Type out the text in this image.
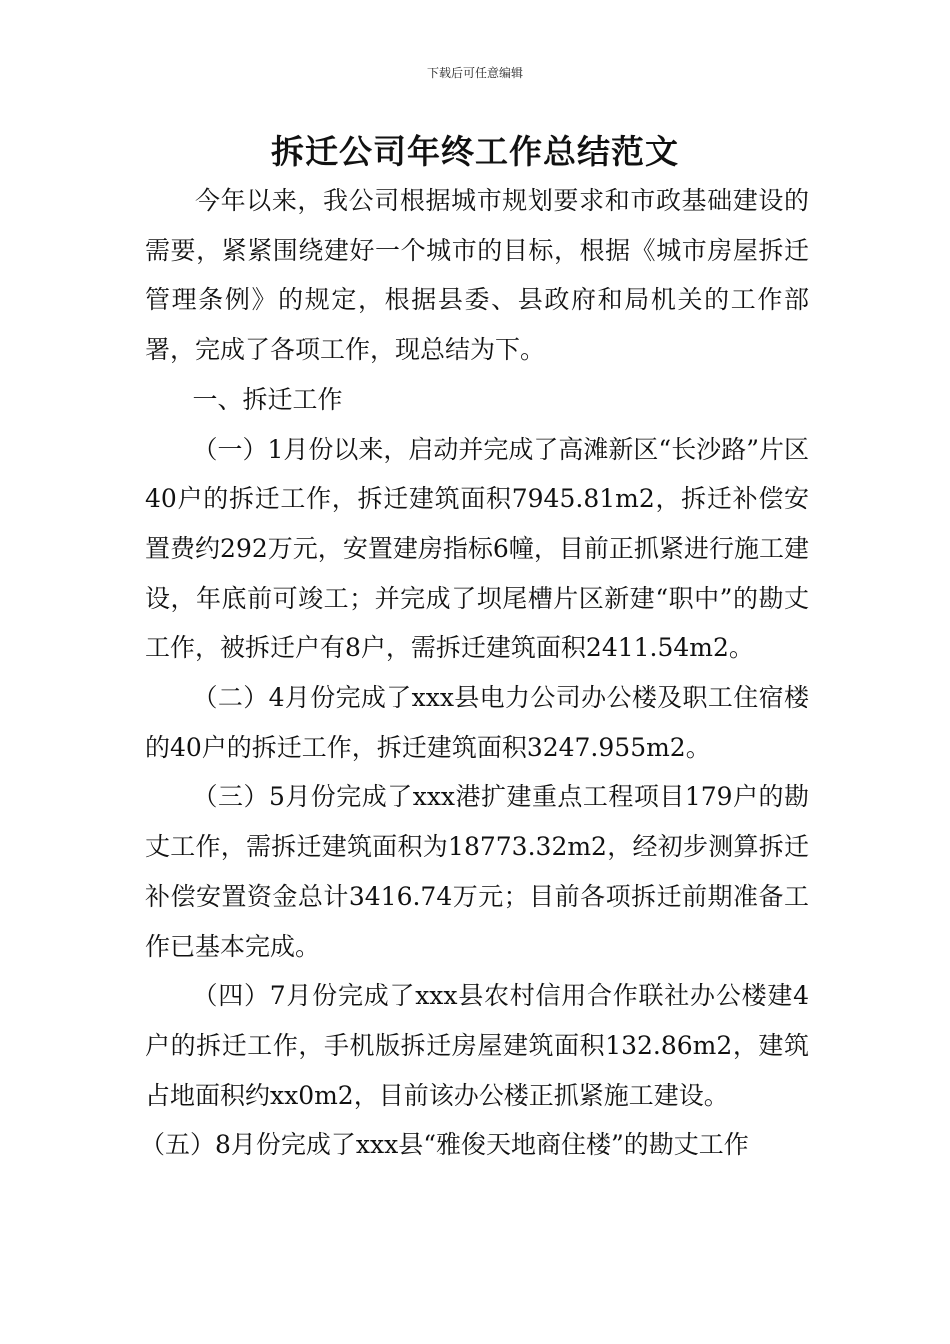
下载后可任意编辑
拆迁公司年终工作总结范文

今年以来，我公司根据城市规划要求和市政基础建设的需要，紧紧围绕建好一个城市的目标，根据《城市房屋拆迁管理条例》的规定，根据县委、县政府和局机关的工作部署，完成了各项工作，现总结为下。

一、拆迁工作

（一）1月份以来，启动并完成了高滩新区“长沙路”片区40户的拆迁工作，拆迁建筑面积7945.81m2，拆迁补偿安置费约292万元，安置建房指标6幢，目前正抓紧进行施工建设，年底前可竣工；并完成了坝尾槽片区新建“职中”的勘丈工作，被拆迁户有8户，需拆迁建筑面积2411.54m2。

（二）4月份完成了xxx县电力公司办公楼及职工住宿楼的40户的拆迁工作，拆迁建筑面积3247.955m2。

（三）5月份完成了xxx港扩建重点工程项目179户的勘丈工作，需拆迁建筑面积为18773.32m2，经初步测算拆迁补偿安置资金总计3416.74万元；目前各项拆迁前期准备工作已基本完成。

（四）7月份完成了xxx县农村信用合作联社办公楼建4户的拆迁工作，手机版拆迁房屋建筑面积132.86m2，建筑占地面积约xx0m2，目前该办公楼正抓紧施工建设。

（五）8月份完成了xxx县“雅俊天地商住楼”的勘丈工作
